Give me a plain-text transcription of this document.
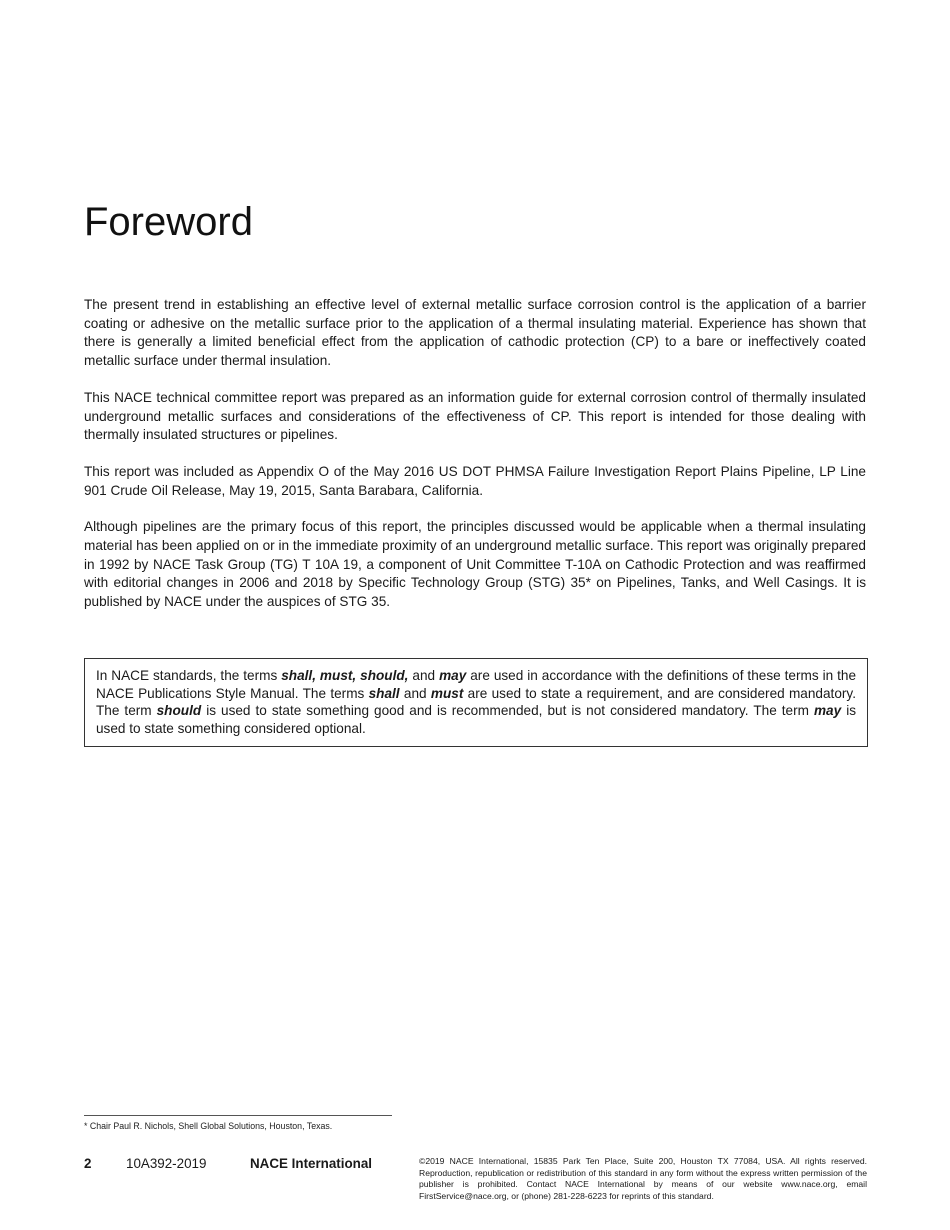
Foreword

The present trend in establishing an effective level of external metallic surface corrosion control is the application of a barrier coating or adhesive on the metallic surface prior to the application of a thermal insulating material. Experience has shown that there is generally a limited beneficial effect from the application of cathodic protection (CP) to a bare or ineffectively coated metallic surface under thermal insulation.

This NACE technical committee report was prepared as an information guide for external corrosion control of thermally insulated underground metallic surfaces and considerations of the effectiveness of CP. This report is intended for those dealing with thermally insulated structures or pipelines.

This report was included as Appendix O of the May 2016 US DOT PHMSA Failure Investigation Report Plains Pipeline, LP Line 901 Crude Oil Release, May 19, 2015, Santa Barabara, California.

Although pipelines are the primary focus of this report, the principles discussed would be applicable when a thermal insulating material has been applied on or in the immediate proximity of an underground metallic surface. This report was originally prepared in 1992 by NACE Task Group (TG) T 10A 19, a component of Unit Committee T-10A on Cathodic Protection and was reaffirmed with editorial changes in 2006 and 2018 by Specific Technology Group (STG) 35* on Pipelines, Tanks, and Well Casings. It is published by NACE under the auspices of STG 35.

In NACE standards, the terms shall, must, should, and may are used in accordance with the definitions of these terms in the NACE Publications Style Manual. The terms shall and must are used to state a requirement, and are considered mandatory. The term should is used to state something good and is recommended, but is not considered mandatory. The term may is used to state something considered optional.
* Chair Paul R. Nichols, Shell Global Solutions, Houston, Texas.
2	10A392-2019	NACE International	©2019 NACE International, 15835 Park Ten Place, Suite 200, Houston TX 77084, USA. All rights reserved. Reproduction, republication or redistribution of this standard in any form without the express written permission of the publisher is prohibited. Contact NACE International by means of our website www.nace.org, email FirstService@nace.org, or (phone) 281-228-6223 for reprints of this standard.
